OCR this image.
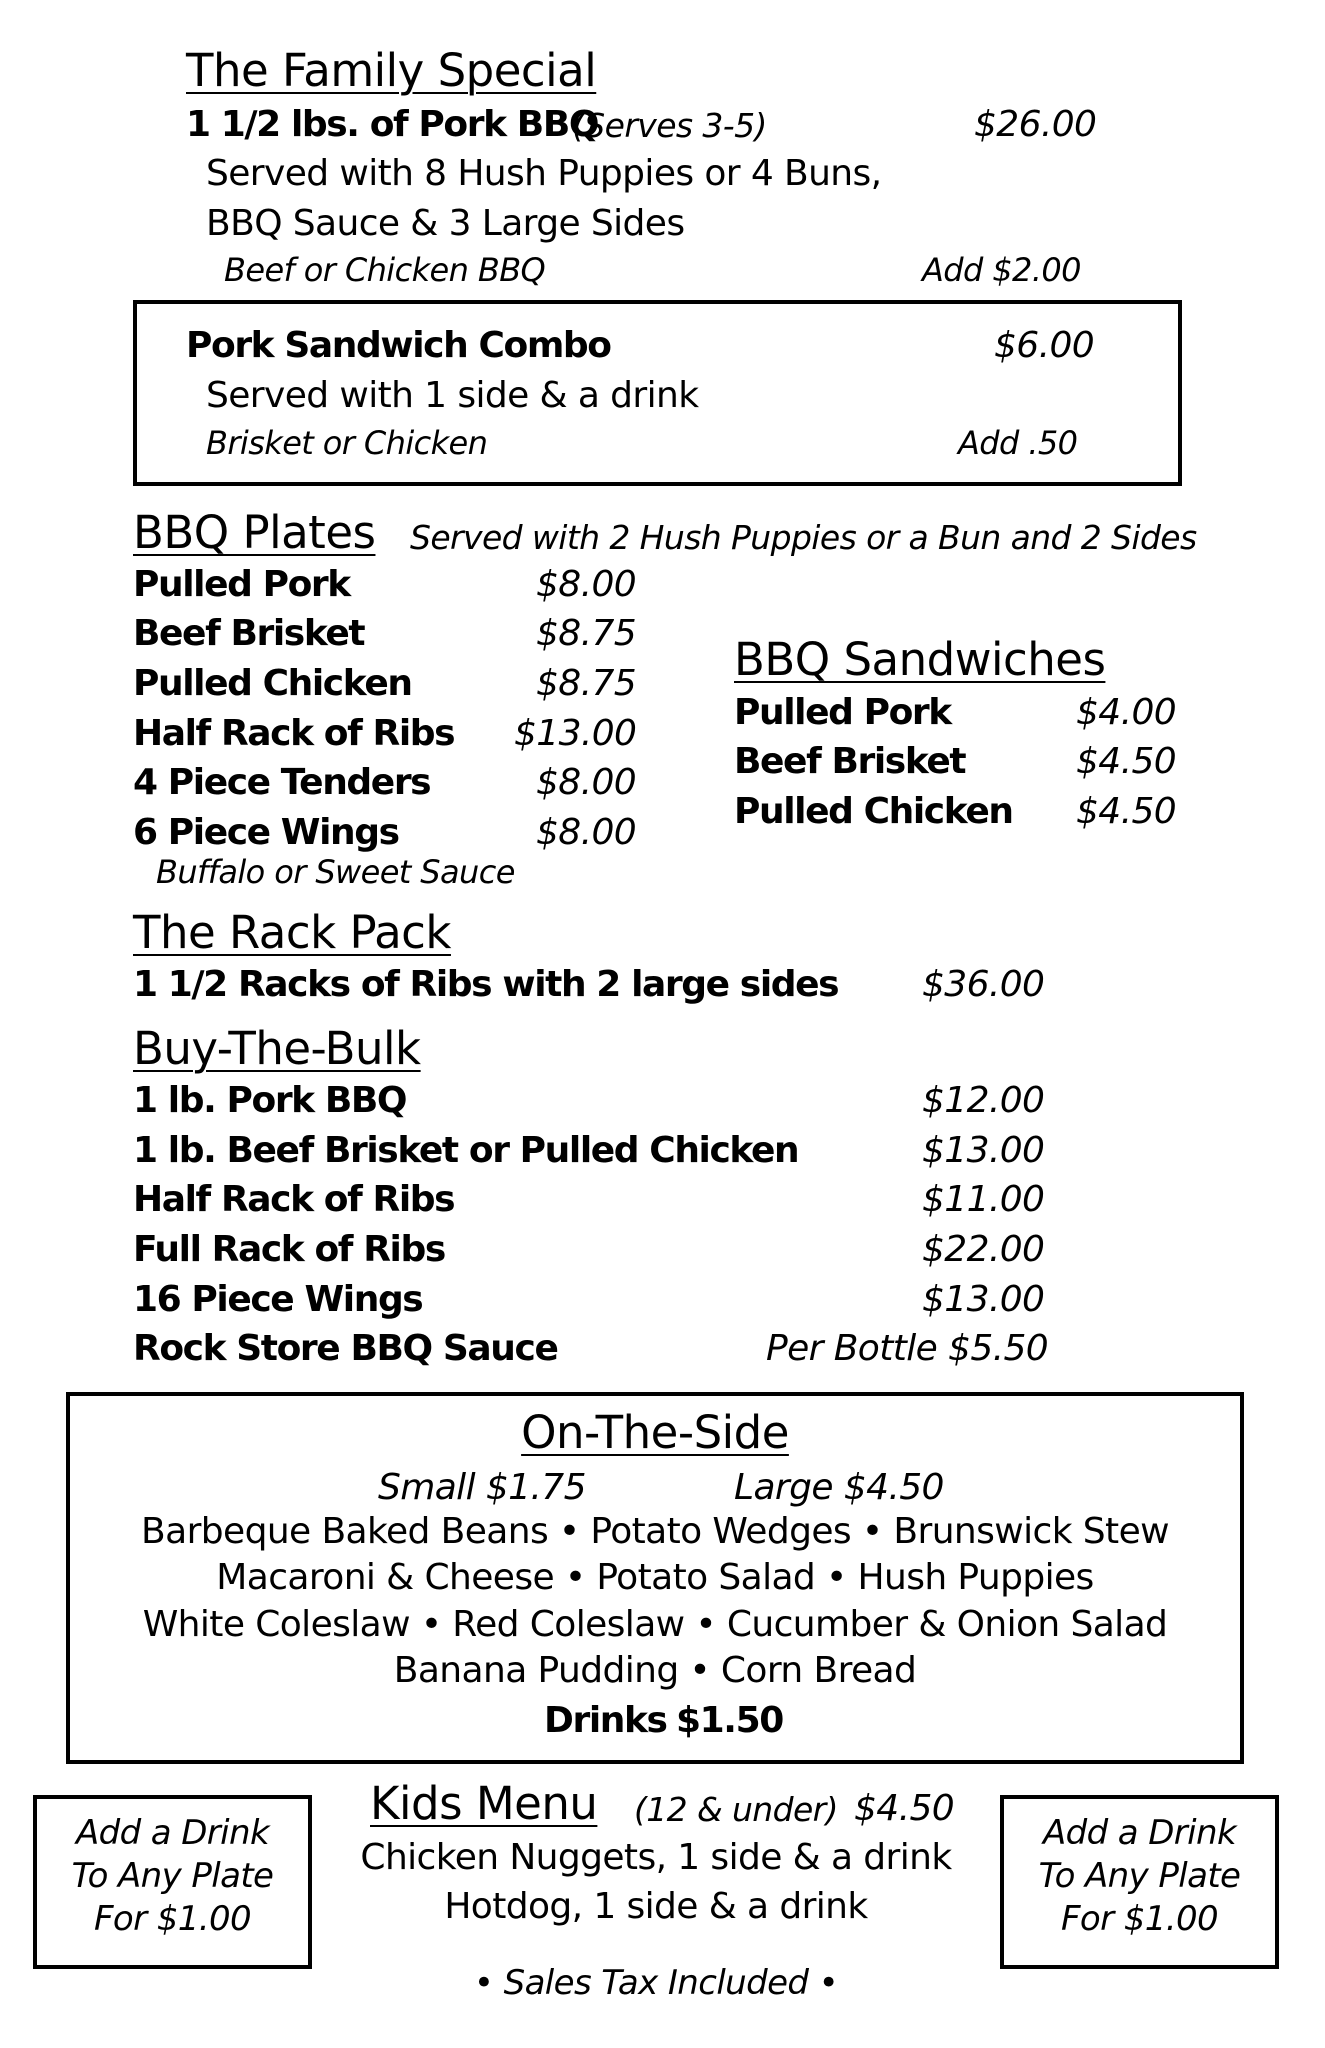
The Family Special
1 1/2 lbs. of Pork BBQ
(Serves 3-5)	$26.00
Served with 8 Hush Puppies or 4 Buns,
BBQ Sauce & 3 Large Sides
Beef or Chicken BBQ	Add $2.00
Pork Sandwich Combo	$6.00
Served with 1 side & a drink
Brisket or Chicken	Add .50
BBQ Plates Served with 2 Hush Puppies or a Bun and 2 Sides
Pulled Pork	$8.00
Beef Brisket	$8.75
Pulled Chicken	$8.75
Half Rack of Ribs $13.00
4 Piece Tenders	$8.00
6 Piece Wings	$8.00
Buffalo or Sweet Sauce
BBQ Sandwiches
Pulled Pork	$4.00
Beef Brisket	$4.50
Pulled Chicken $4.50
The Rack Pack
1 1/2 Racks of Ribs with 2 large sides $36.00
Buy-The-Bulk
1 lb. Pork BBQ	$12.00
1 lb. Beef Brisket or Pulled Chicken	$13.00
Half Rack of Ribs	$11.00
Full Rack of Ribs	$22.00
16 Piece Wings	$13.00
Rock Store BBQ Sauce	Per Bottle $5.50
On-The-Side
Small $1.75	Large $4.50
Barbeque Baked Beans • Potato Wedges • Brunswick Stew
Macaroni & Cheese • Potato Salad • Hush Puppies
White Coleslaw • Red Coleslaw • Cucumber & Onion Salad
Banana Pudding • Corn Bread
Drinks $1.50
Add a Drink
To Any Plate
For $1.00
Add a Drink
To Any Plate
For $1.00
Kids Menu (12 & under) $4.50
Chicken Nuggets, 1 side & a drink
Hotdog, 1 side & a drink
• Sales Tax Included •
